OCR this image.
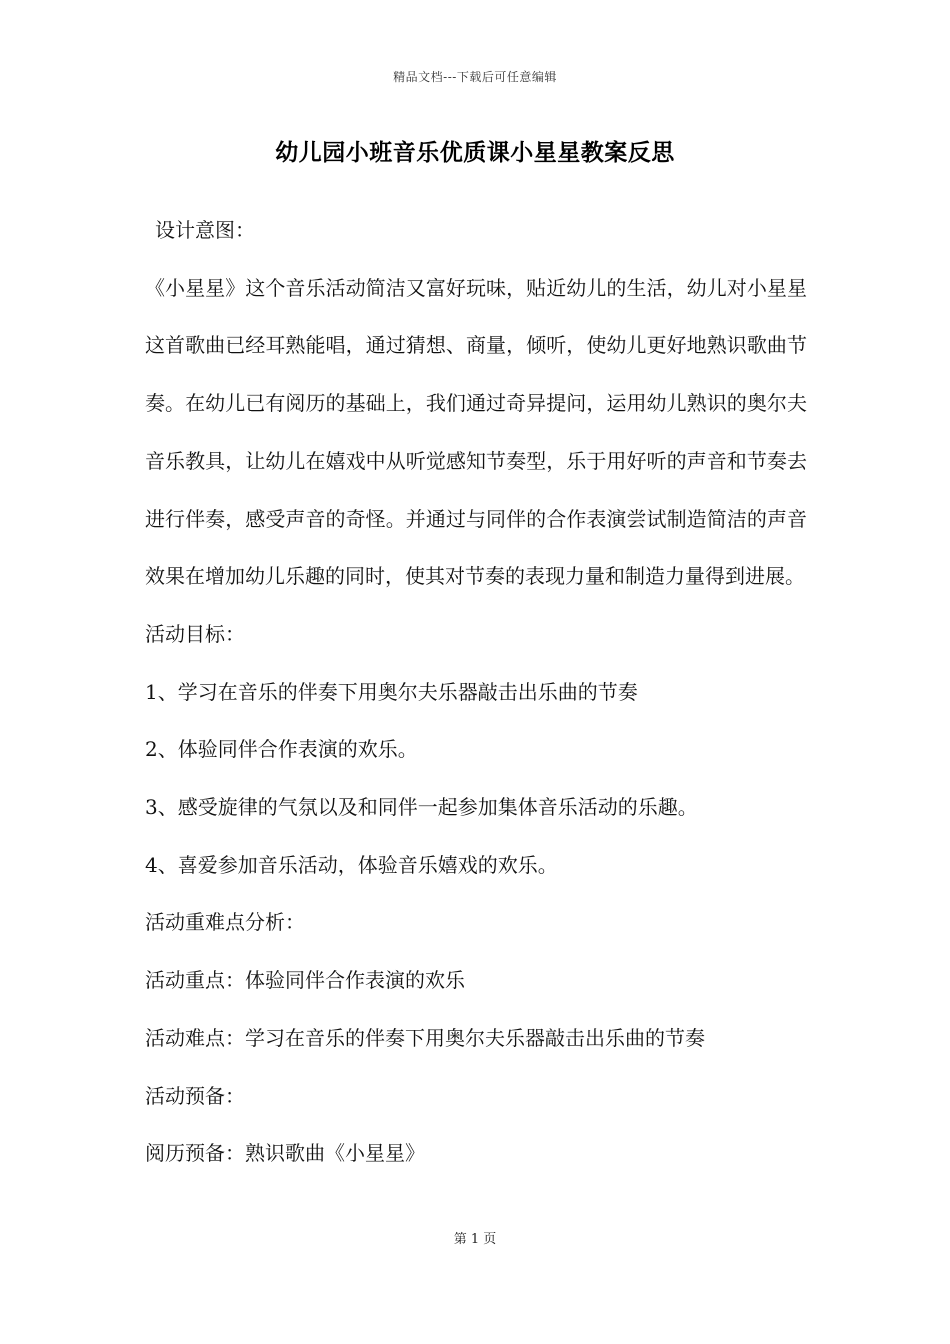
精品文档---下载后可任意编辑
幼儿园小班音乐优质课小星星教案反思

设计意图：

《小星星》这个音乐活动简洁又富好玩味，贴近幼儿的生活，幼儿对小星星这首歌曲已经耳熟能唱，通过猜想、商量，倾听，使幼儿更好地熟识歌曲节奏。在幼儿已有阅历的基础上，我们通过奇异提问，运用幼儿熟识的奥尔夫音乐教具，让幼儿在嬉戏中从听觉感知节奏型，乐于用好听的声音和节奏去进行伴奏，感受声音的奇怪。并通过与同伴的合作表演尝试制造简洁的声音效果在增加幼儿乐趣的同时，使其对节奏的表现力量和制造力量得到进展。

活动目标：

1、学习在音乐的伴奏下用奥尔夫乐器敲击出乐曲的节奏

2、体验同伴合作表演的欢乐。

3、感受旋律的气氛以及和同伴一起参加集体音乐活动的乐趣。

4、喜爱参加音乐活动，体验音乐嬉戏的欢乐。

活动重难点分析：

活动重点：体验同伴合作表演的欢乐

活动难点：学习在音乐的伴奏下用奥尔夫乐器敲击出乐曲的节奏

活动预备：

阅历预备：熟识歌曲《小星星》

第 1 页
